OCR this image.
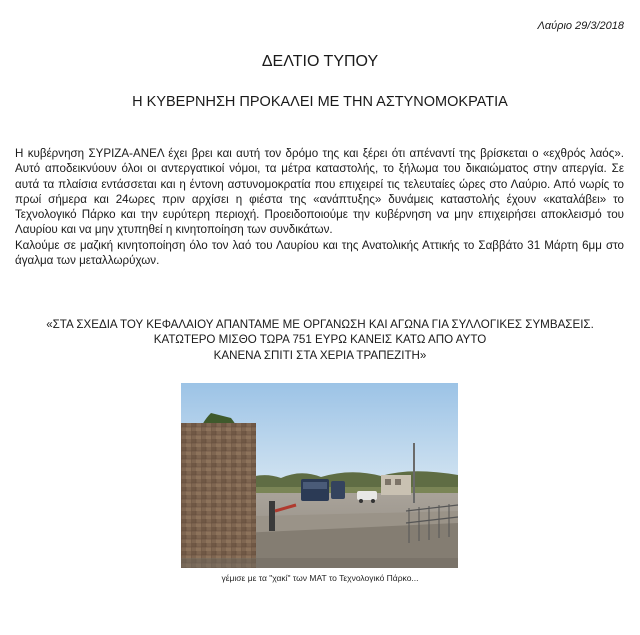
Λαύριο 29/3/2018
ΔΕΛΤΙΟ ΤΥΠΟΥ
Η ΚΥΒΕΡΝΗΣΗ ΠΡΟΚΑΛΕΙ ΜΕ ΤΗΝ ΑΣΤΥΝΟΜΟΚΡΑΤΙΑ

Η κυβέρνηση ΣΥΡΙΖΑ-ΑΝΕΛ έχει βρει και αυτή τον δρόμο της και ξέρει ότι απέναντί της βρίσκεται ο «εχθρός λαός». Αυτό αποδεικνύουν όλοι οι αντεργατικοί νόμοι, τα μέτρα καταστολής, το ξήλωμα του δικαιώματος στην απεργία. Σε αυτά τα πλαίσια εντάσσεται και η έντονη αστυνομοκρατία που επιχειρεί τις τελευταίες ώρες στο Λαύριο. Από νωρίς το πρωί σήμερα και 24ωρες πριν αρχίσει η φιέστα της «ανάπτυξης» δυνάμεις καταστολής έχουν «καταλάβει» το Τεχνολογικό Πάρκο και την ευρύτερη περιοχή. Προειδοποιούμε την κυβέρνηση να μην επιχειρήσει αποκλεισμό του Λαυρίου και να μην χτυπηθεί η κινητοποίηση των συνδικάτων.

Καλούμε σε μαζική κινητοποίηση όλο τον λαό του Λαυρίου και της Ανατολικής Αττικής το Σαββάτο 31 Μάρτη 6μμ στο άγαλμα των μεταλλωρύχων.

«ΣΤΑ ΣΧΕΔΙΑ ΤΟΥ ΚΕΦΑΛΑΙΟΥ ΑΠΑΝΤΑΜΕ ΜΕ ΟΡΓΑΝΩΣΗ ΚΑΙ ΑΓΩΝΑ ΓΙΑ ΣΥΛΛΟΓΙΚΕΣ ΣΥΜΒΑΣΕΙΣ.
ΚΑΤΩΤΕΡΟ ΜΙΣΘΟ ΤΩΡΑ 751 ΕΥΡΩ ΚΑΝΕΙΣ ΚΑΤΩ ΑΠΟ ΑΥΤΟ
ΚΑΝΕΝΑ ΣΠΙΤΙ ΣΤΑ ΧΕΡΙΑ ΤΡΑΠΕΖΙΤΗ»
γέμισε με τα "χακί" των ΜΑΤ το Τεχνολογικό Πάρκο...
